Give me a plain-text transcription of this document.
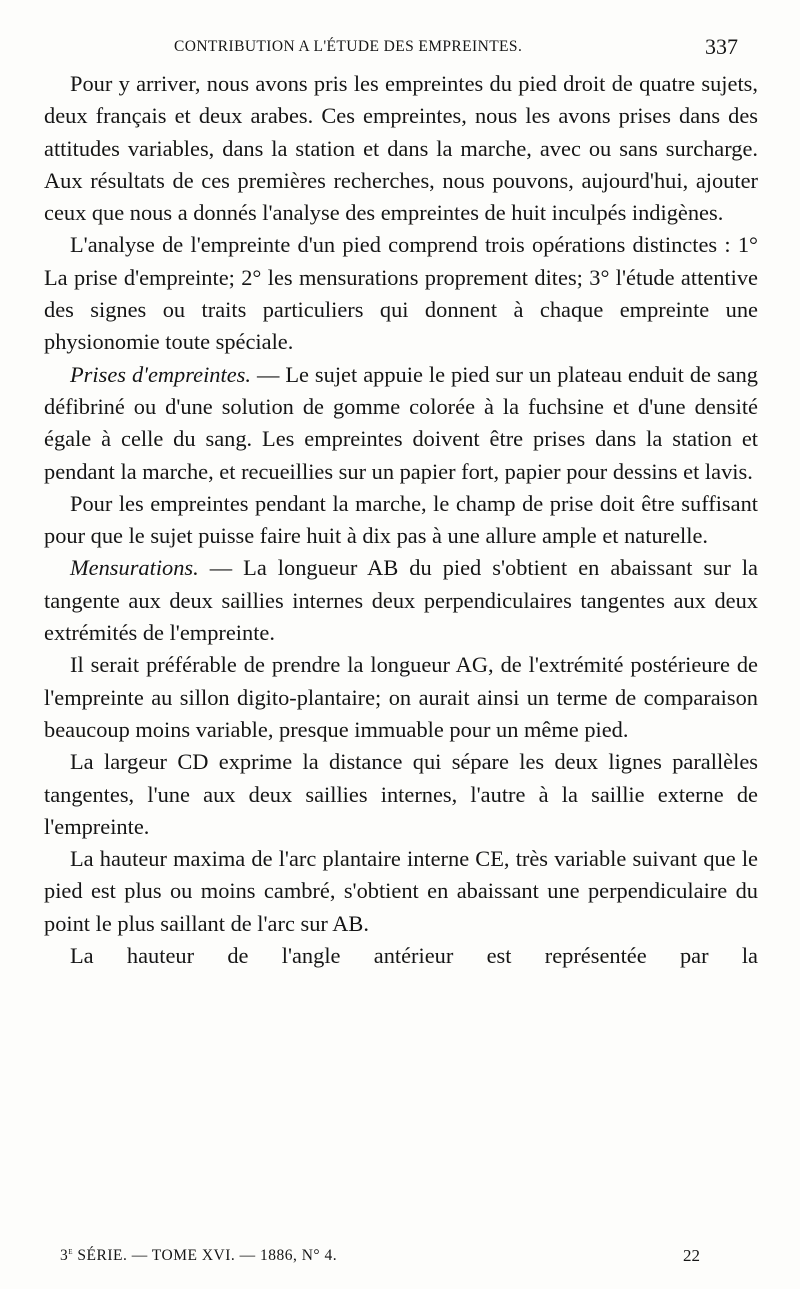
CONTRIBUTION A L'ÉTUDE DES EMPREINTES.	337

Pour y arriver, nous avons pris les empreintes du pied droit de quatre sujets, deux français et deux arabes. Ces empreintes, nous les avons prises dans des attitudes variables, dans la station et dans la marche, avec ou sans surcharge. Aux résultats de ces premières recherches, nous pouvons, aujourd'hui, ajouter ceux que nous a donnés l'analyse des empreintes de huit inculpés indigènes.

L'analyse de l'empreinte d'un pied comprend trois opérations distinctes : 1° La prise d'empreinte; 2° les mensurations proprement dites; 3° l'étude attentive des signes ou traits particuliers qui donnent à chaque empreinte une physionomie toute spéciale.

Prises d'empreintes. — Le sujet appuie le pied sur un plateau enduit de sang défibriné ou d'une solution de gomme colorée à la fuchsine et d'une densité égale à celle du sang. Les empreintes doivent être prises dans la station et pendant la marche, et recueillies sur un papier fort, papier pour dessins et lavis.

Pour les empreintes pendant la marche, le champ de prise doit être suffisant pour que le sujet puisse faire huit à dix pas à une allure ample et naturelle.

Mensurations. — La longueur AB du pied s'obtient en abaissant sur la tangente aux deux saillies internes deux perpendiculaires tangentes aux deux extrémités de l'empreinte.

Il serait préférable de prendre la longueur AG, de l'extrémité postérieure de l'empreinte au sillon digito-plantaire; on aurait ainsi un terme de comparaison beaucoup moins variable, presque immuable pour un même pied.

La largeur CD exprime la distance qui sépare les deux lignes parallèles tangentes, l'une aux deux saillies internes, l'autre à la saillie externe de l'empreinte.

La hauteur maxima de l'arc plantaire interne CE, très variable suivant que le pied est plus ou moins cambré, s'obtient en abaissant une perpendiculaire du point le plus saillant de l'arc sur AB.

La hauteur de l'angle antérieur est représentée par la

3e SÉRIE. — TOME XVI. — 1886, N° 4.	22
